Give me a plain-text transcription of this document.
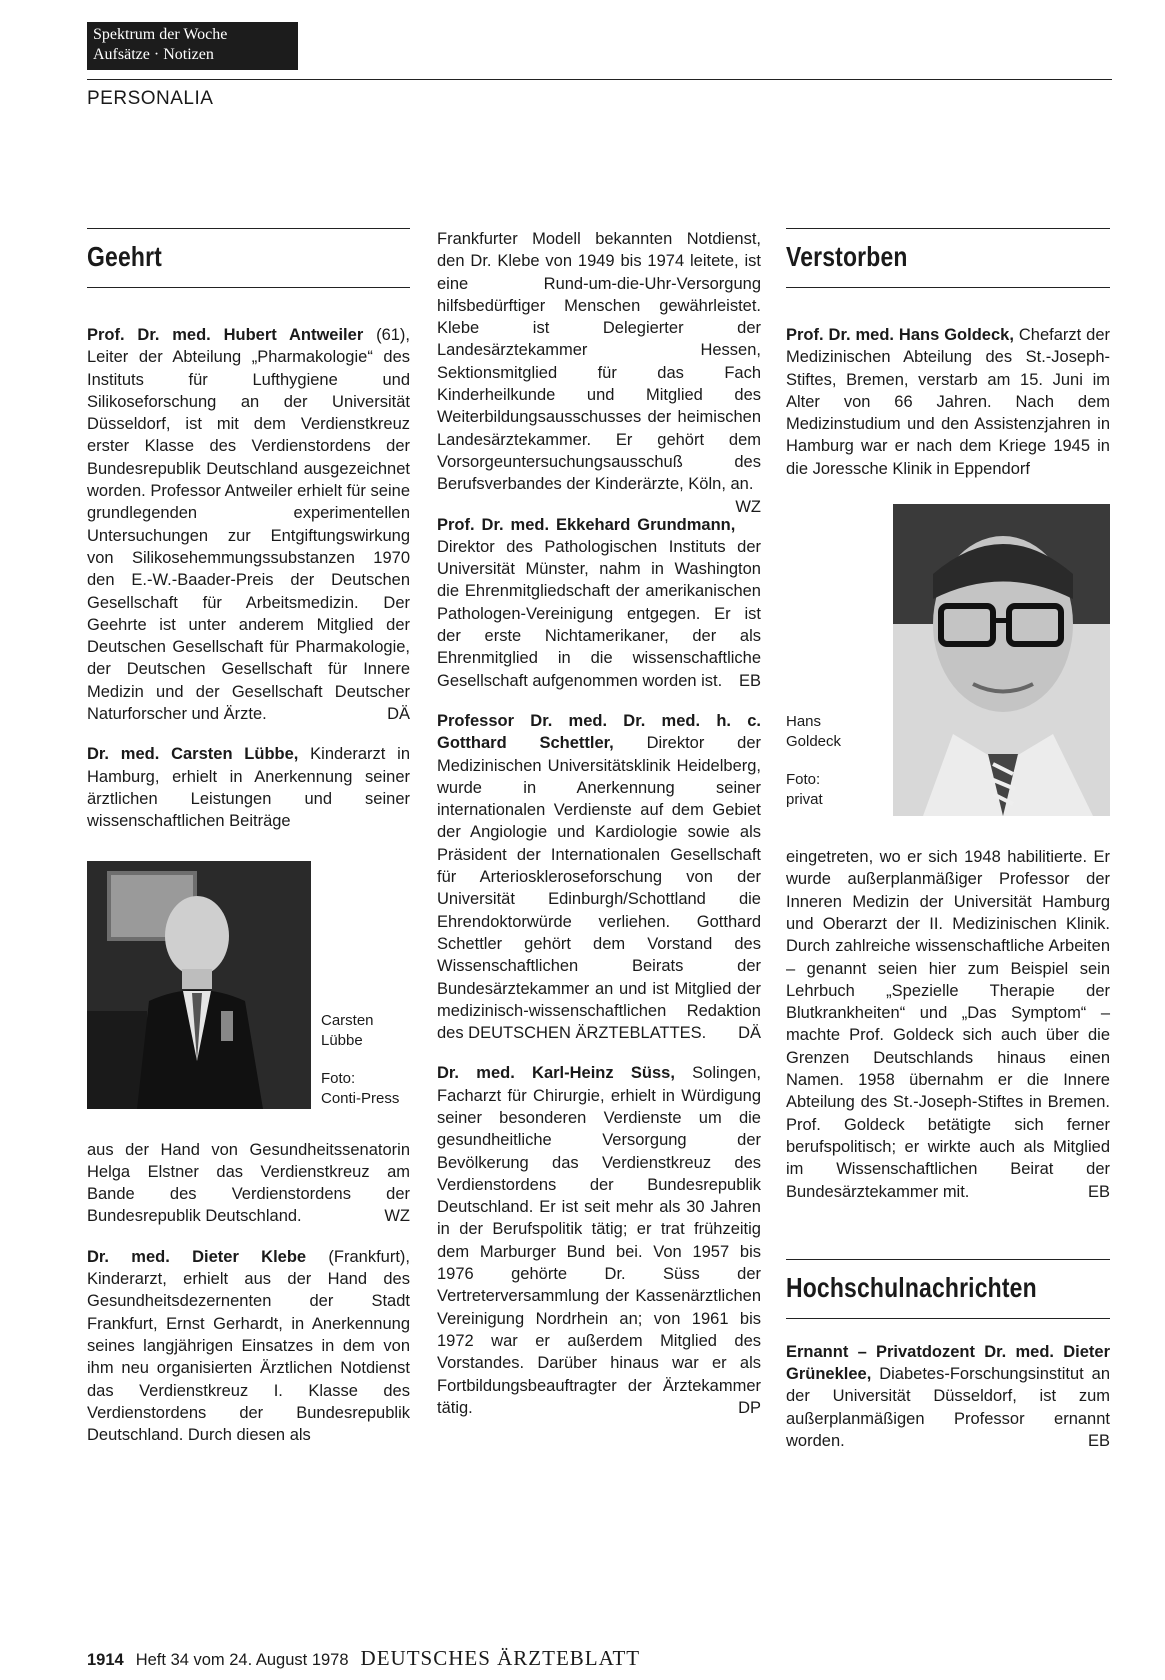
Spektrum der Woche
Aufsätze · Notizen
PERSONALIA
Geehrt

Prof. Dr. med. Hubert Antweiler (61), Leiter der Abteilung „Pharmakologie“ des Instituts für Lufthygiene und Silikoseforschung an der Universität Düsseldorf, ist mit dem Verdienstkreuz erster Klasse des Verdienstordens der Bundesrepublik Deutschland ausgezeichnet worden. Professor Antweiler erhielt für seine grundlegenden experimentellen Untersuchungen zur Entgiftungswirkung von Silikosehemmungssubstanzen 1970 den E.-W.-Baader-Preis der Deutschen Gesellschaft für Arbeitsmedizin. Der Geehrte ist unter anderem Mitglied der Deutschen Gesellschaft für Pharmakologie, der Deutschen Gesellschaft für Innere Medizin und der Gesellschaft Deutscher Naturforscher und Ärzte.	DÄ

Dr. med. Carsten Lübbe, Kinderarzt in Hamburg, erhielt in Anerkennung seiner ärztlichen Leistungen und seiner wissenschaftlichen Beiträge

Carsten
Lübbe
Foto:
Conti-Press

aus der Hand von Gesundheitssenatorin Helga Elstner das Verdienstkreuz am Bande des Verdienstordens der Bundesrepublik Deutschland.	WZ

Dr. med. Dieter Klebe (Frankfurt), Kinderarzt, erhielt aus der Hand des Gesundheitsdezernenten der Stadt Frankfurt, Ernst Gerhardt, in Anerkennung seines langjährigen Einsatzes in dem von ihm neu organisierten Ärztlichen Notdienst das Verdienstkreuz I. Klasse des Verdienstordens der Bundesrepublik Deutschland. Durch diesen als

Frankfurter Modell bekannten Notdienst, den Dr. Klebe von 1949 bis 1974 leitete, ist eine Rund-um-die-Uhr-Versorgung hilfsbedürftiger Menschen gewährleistet. Klebe ist Delegierter der Landesärztekammer Hessen, Sektionsmitglied für das Fach Kinderheilkunde und Mitglied des Weiterbildungsausschusses der heimischen Landesärztekammer. Er gehört dem Vorsorgeuntersuchungsausschuß des Berufsverbandes der Kinderärzte, Köln, an.
WZ

Prof. Dr. med. Ekkehard Grundmann, Direktor des Pathologischen Instituts der Universität Münster, nahm in Washington die Ehrenmitgliedschaft der amerikanischen Pathologen-Vereinigung entgegen. Er ist der erste Nichtamerikaner, der als Ehrenmitglied in die wissenschaftliche Gesellschaft aufgenommen worden ist. EB

Professor Dr. med. Dr. med. h. c. Gotthard Schettler, Direktor der Medizinischen Universitätsklinik Heidelberg, wurde in Anerkennung seiner internationalen Verdienste auf dem Gebiet der Angiologie und Kardiologie sowie als Präsident der Internationalen Gesellschaft für Arterioskleroseforschung von der Universität Edinburgh/Schottland die Ehrendoktorwürde verliehen. Gotthard Schettler gehört dem Vorstand des Wissenschaftlichen Beirats der Bundesärztekammer an und ist Mitglied der medizinisch-wissenschaftlichen Redaktion des DEUTSCHEN ÄRZTEBLATTES. DÄ

Dr. med. Karl-Heinz Süss, Solingen, Facharzt für Chirurgie, erhielt in Würdigung seiner besonderen Verdienste um die gesundheitliche Versorgung der Bevölkerung das Verdienstkreuz des Verdienstordens der Bundesrepublik Deutschland. Er ist seit mehr als 30 Jahren in der Berufspolitik tätig; er trat frühzeitig dem Marburger Bund bei. Von 1957 bis 1976 gehörte Dr. Süss der Vertreterversammlung der Kassenärztlichen Vereinigung Nordrhein an; von 1961 bis 1972 war er außerdem Mitglied des Vorstandes. Darüber hinaus war er als Fortbildungsbeauftragter der Ärztekammer tätig.	DP

Verstorben

Prof. Dr. med. Hans Goldeck, Chefarzt der Medizinischen Abteilung des St.-Joseph-Stiftes, Bremen, verstarb am 15. Juni im Alter von 66 Jahren. Nach dem Medizinstudium und den Assistenzjahren in Hamburg war er nach dem Kriege 1945 in die Joressche Klinik in Eppendorf

Hans
Goldeck
Foto:
privat

eingetreten, wo er sich 1948 habilitierte. Er wurde außerplanmäßiger Professor der Inneren Medizin der Universität Hamburg und Oberarzt der II. Medizinischen Klinik. Durch zahlreiche wissenschaftliche Arbeiten – genannt seien hier zum Beispiel sein Lehrbuch „Spezielle Therapie der Blutkrankheiten“ und „Das Symptom“ – machte Prof. Goldeck sich auch über die Grenzen Deutschlands hinaus einen Namen. 1958 übernahm er die Innere Abteilung des St.-Joseph-Stiftes in Bremen. Prof. Goldeck betätigte sich ferner berufspolitisch; er wirkte auch als Mitglied im Wissenschaftlichen Beirat der Bundesärztekammer mit.	EB

Hochschulnachrichten

Ernannt – Privatdozent Dr. med. Dieter Grüneklee, Diabetes-Forschungsinstitut an der Universität Düsseldorf, ist zum außerplanmäßigen Professor ernannt worden.	EB

1914 Heft 34 vom 24. August 1978 DEUTSCHES ÄRZTEBLATT
